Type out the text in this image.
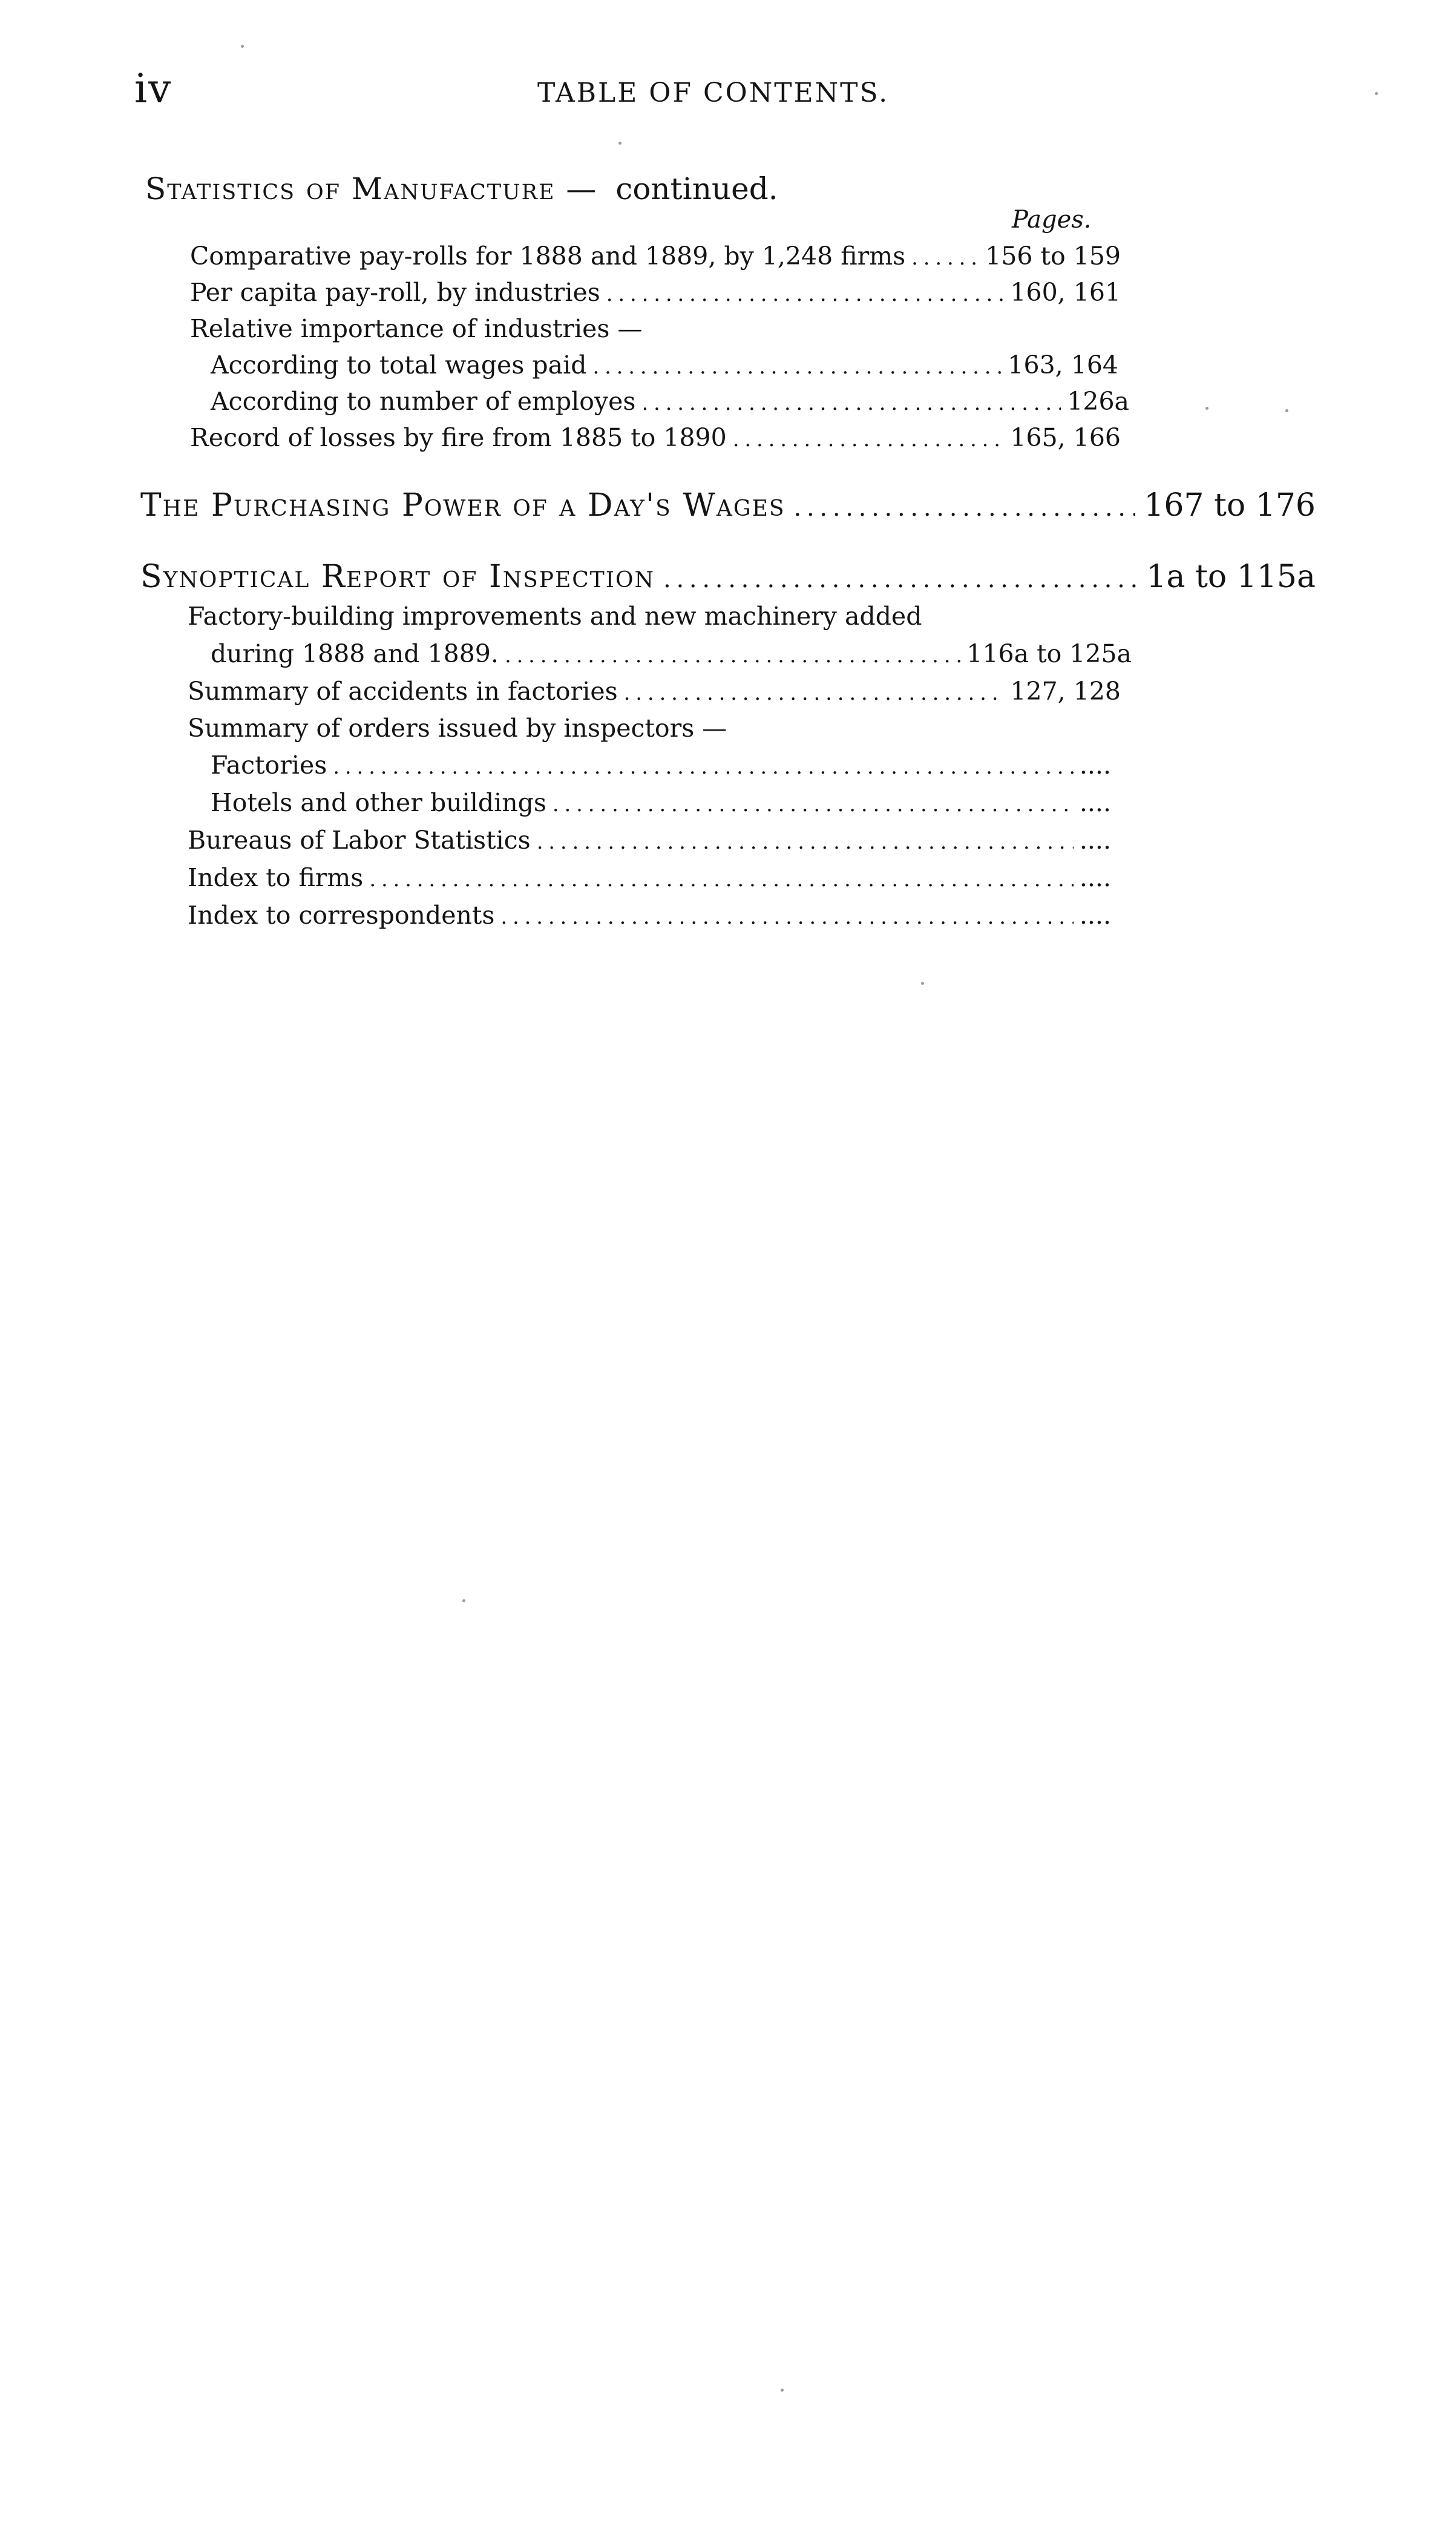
iv	TABLE OF CONTENTS.
Statistics of Manufacture — continued.
Pages.
Comparative pay-rolls for 1888 and 1889, by 1,248 firms . . .	156 to 159
Per capita pay-roll, by industries . . .	160, 161
Relative importance of industries —
According to total wages paid . . .	163, 164
According to number of employes . . .	126a
Record of losses by fire from 1885 to 1890 . . .	165, 166
The Purchasing Power of a Day's Wages . . .	167 to 176
Synoptical Report of Inspection . . .	1a to 115a
Factory-building improvements and new machinery added
during 1888 and 1889. . . .	116a to 125a
Summary of accidents in factories . . .	127, 128
Summary of orders issued by inspectors —
Factories . . .	....
Hotels and other buildings . . .	....
Bureaus of Labor Statistics . . .	....
Index to firms . . .	....
Index to correspondents . . .	....
